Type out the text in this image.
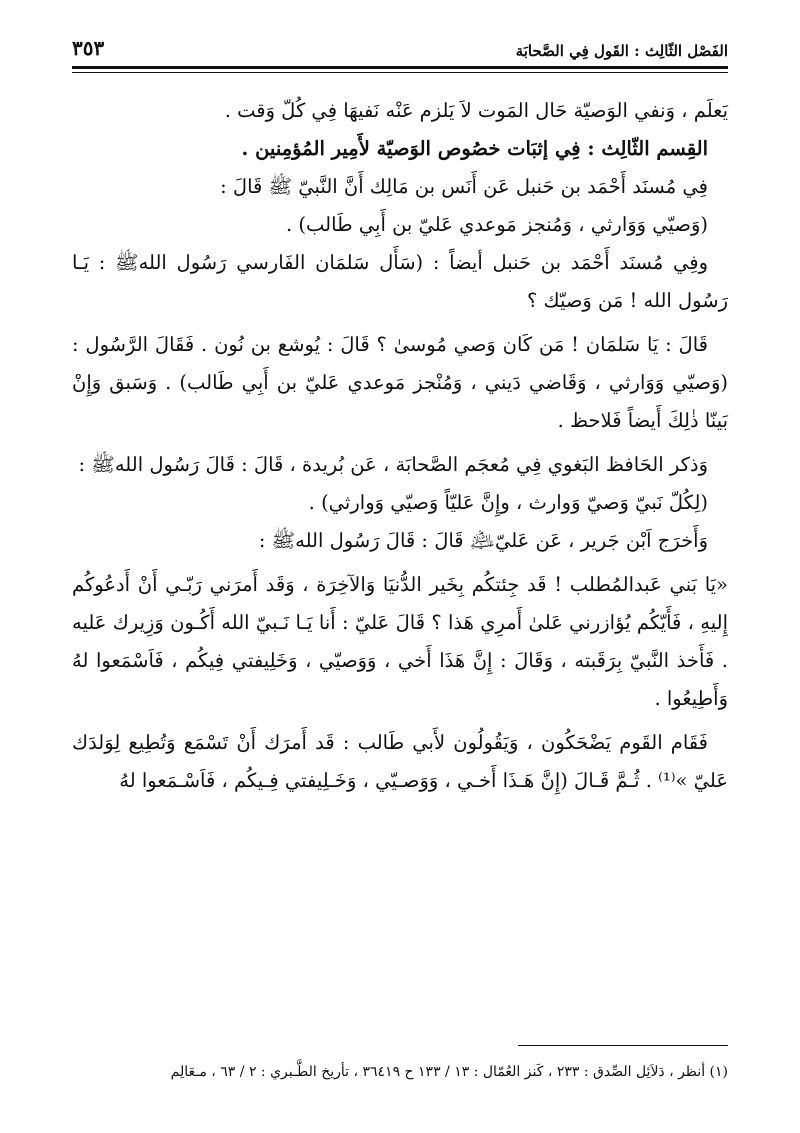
الفَصْل الثّالِث : القَول فِي الصَّحابَة
٣٥٣

يَعلَم ، وَنفي الوَصيّة حَال المَوت لاَ يَلزم عَنْه نَفيهَا فِي كُلّ وَقت .

القِسم الثّالِث : فِي إثبَات خصُوص الوَصيّة لأَمِير المُؤمِنين .

فِي مُسنَد أَحْمَد بن حَنبل عَن أَنَس بن مَالِك أَنَّ النَّبيّ ﷺ قَالَ :

(وَصيّي وَوَارثي ، وَمُنجز مَوعدي عَليّ بن أَبِي طَالب) .

وفِي مُسنَد أَحْمَد بن حَنبل أيضاً : (سَأَل سَلمَان الفَارسي رَسُول اللهﷺ : يَـا رَسُول الله ! مَن وَصيّك ؟

قَالَ : يَا سَلمَان ! مَن كَان وَصي مُوسىٰ ؟ قَالَ : يُوشع بن نُون . فَقَالَ الرَّسُول : (وَصيّي وَوَارثي ، وَقَاضي دَيني ، وَمُنْجز مَوعدي عَليّ بن أَبِي طَالب) . وَسَبق وَإِنْ بَينّا ذٰلِكَ أَيضاً فَلاحظ .

وَذكر الحَافظ البَغوي فِي مُعجَم الصَّحابَة ، عَن بُريدة ، قَالَ : قَالَ رَسُول اللهﷺ :

(لِكُلّ نَبيّ وَصيّ وَوارث ، وإِنَّ عَليّاً وَصيّي وَوارثي) .

وَأَخرَج اَبْن جَرير ، عَن عَليّ﵇ قَالَ : قَالَ رَسُول اللهﷺ :

«يَا بَني عَبدالمُطلب ! قَد جِئتكُم بِخَير الدُّنيَا وَالآخِرَة ، وَقَد أَمرَني رَبّـي أَنْ أَدعُوكُم إِليهِ ، فَأَيّكُم يُؤازرني عَلىٰ أَمرِي هَذا ؟ قَالَ عَليّ : أَنا يَـا نَـبيّ الله أَكُـون وَزِيرك عَليه . فَأَخذ النَّبيّ بِرَقَبته ، وَقَالَ : إِنَّ هَذَا أَخي ، وَوَصيّي ، وَخَلِيفتي فِيكُم ، فَاَسْمَعوا لهُ وَأَطِيعُوا .

فَقَام القَوم يَضْحَكُون ، وَيَقُولُون لأَبي طَالب : قَد أَمرَك أَنْ تَسْمَع وَتُطِيع لِوَلدَك عَليّ »⁽¹⁾ . ثُـمَّ قَـالَ (إِنَّ هَـذَا أَخـي ، وَوَصـيّي ، وَخَـلِيفتي فِـيكُم ، فَاَسْـمَعوا لهُ

(١) أنظر ، دَلاَئِل الصِّدق : ٢٣٣ ، كَنز العُمّال : ١٣ / ١٣٣ ح ٣٦٤١٩ ، تأريخ الطَّـبري : ٢ / ٦٣ ، مـعَالِم
